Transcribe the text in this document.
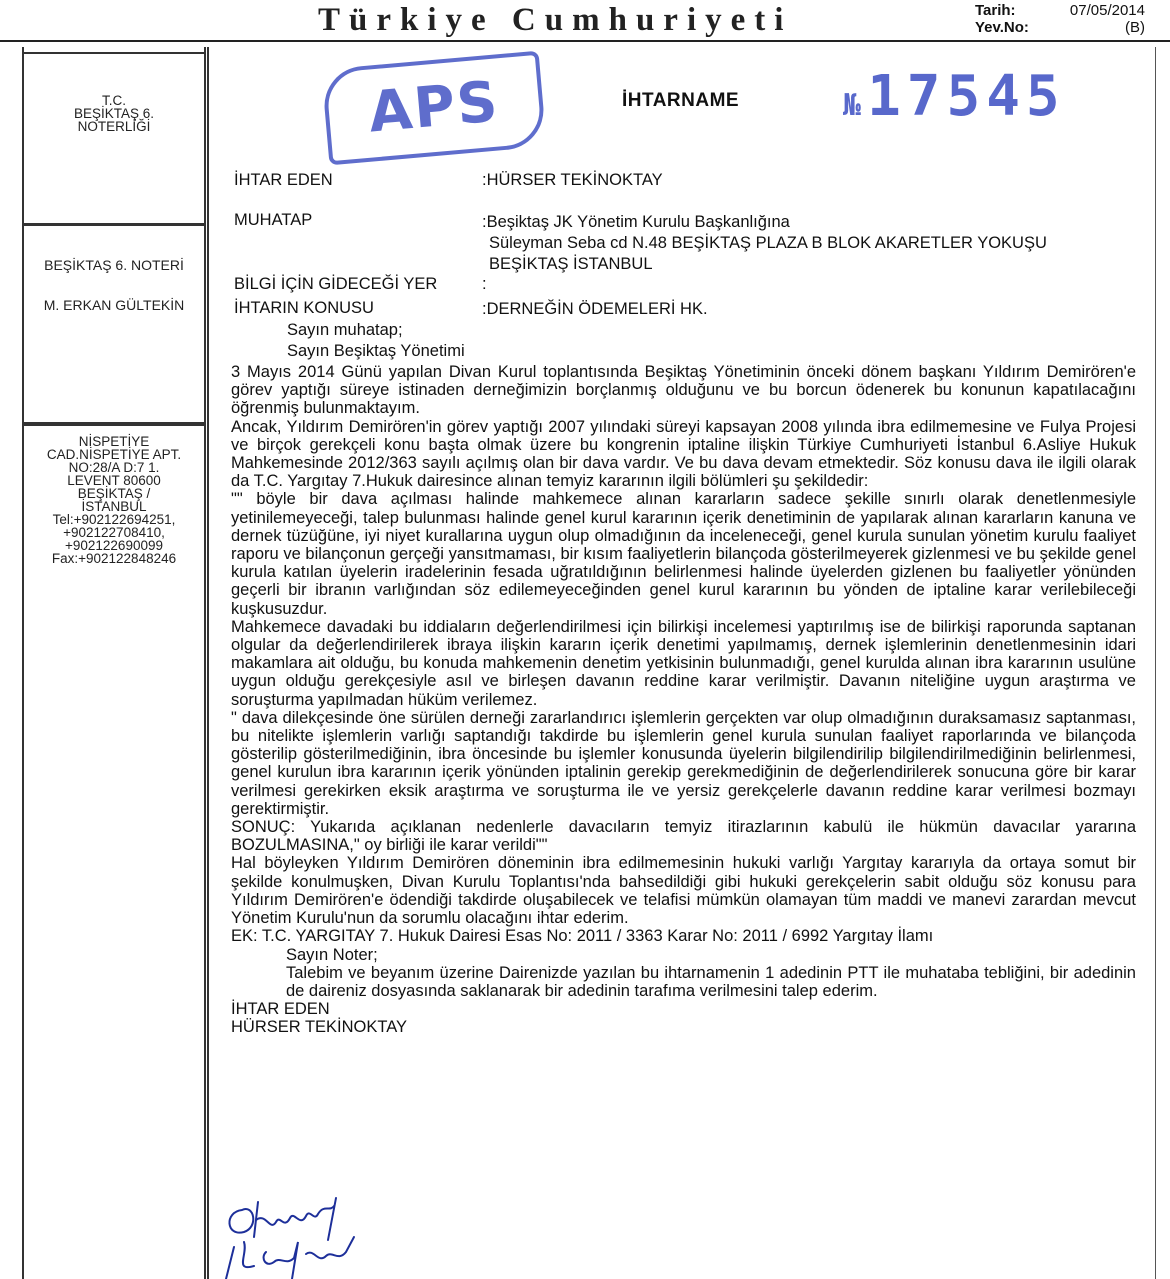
Türkiye Cumhuriyeti	Tarih:	07/05/2014
Yev.No:	(B)
T.C.
BEŞİKTAŞ 6.
NOTERLİĞİ
BEŞİKTAŞ 6. NOTERİ
M. ERKAN GÜLTEKİN
NİSPETİYE
CAD.NİSPETİYE APT.
NO:28/A D:7 1.
LEVENT 80600
BEŞİKTAŞ /
İSTANBUL
Tel:+902122694251,
+902122708410,
+902122690099
Fax:+902122848246
APS	№ 17545
İHTARNAME
İHTAR EDEN	:HÜRSER TEKİNOKTAY
MUHATAP	:Beşiktaş JK Yönetim Kurulu Başkanlığına
Süleyman Seba cd N.48 BEŞİKTAŞ PLAZA B BLOK AKARETLER YOKUŞU
BEŞİKTAŞ İSTANBUL
BİLGİ İÇİN GİDECEĞİ YER	:
İHTARIN KONUSU	:DERNEĞİN ÖDEMELERİ HK.
Sayın muhatap;
Sayın Beşiktaş Yönetimi

3 Mayıs 2014 Günü yapılan Divan Kurul toplantısında Beşiktaş Yönetiminin önceki dönem başkanı Yıldırım Demirören'e görev yaptığı süreye istinaden derneğimizin borçlanmış olduğunu ve bu borcun ödenerek bu konunun kapatılacağını öğrenmiş bulunmaktayım.

Ancak, Yıldırım Demirören'in görev yaptığı 2007 yılındaki süreyi kapsayan 2008 yılında ibra edilmemesine ve Fulya Projesi ve birçok gerekçeli konu başta olmak üzere bu kongrenin iptaline ilişkin Türkiye Cumhuriyeti İstanbul 6.Asliye Hukuk Mahkemesinde 2012/363 sayılı açılmış olan bir dava vardır. Ve bu dava devam etmektedir. Söz konusu dava ile ilgili olarak da T.C. Yargıtay 7.Hukuk dairesince alınan temyiz kararının ilgili bölümleri şu şekildedir:

"" böyle bir dava açılması halinde mahkemece alınan kararların sadece şekille sınırlı olarak denetlenmesiyle yetinilemeyeceği, talep bulunması halinde genel kurul kararının içerik denetiminin de yapılarak alınan kararların kanuna ve dernek tüzüğüne, iyi niyet kurallarına uygun olup olmadığının da inceleneceği, genel kurula sunulan yönetim kurulu faaliyet raporu ve bilançonun gerçeği yansıtmaması, bir kısım faaliyetlerin bilançoda gösterilmeyerek gizlenmesi ve bu şekilde genel kurula katılan üyelerin iradelerinin fesada uğratıldığının belirlenmesi halinde üyelerden gizlenen bu faaliyetler yönünden geçerli bir ibranın varlığından söz edilemeyeceğinden genel kurul kararının bu yönden de iptaline karar verilebileceği kuşkusuzdur.

Mahkemece davadaki bu iddiaların değerlendirilmesi için bilirkişi incelemesi yaptırılmış ise de bilirkişi raporunda saptanan olgular da değerlendirilerek ibraya ilişkin kararın içerik denetimi yapılmamış, dernek işlemlerinin denetlenmesinin idari makamlara ait olduğu, bu konuda mahkemenin denetim yetkisinin bulunmadığı, genel kurulda alınan ibra kararının usulüne uygun olduğu gerekçesiyle asıl ve birleşen davanın reddine karar verilmiştir. Davanın niteliğine uygun araştırma ve soruşturma yapılmadan hüküm verilemez.

" dava dilekçesinde öne sürülen derneği zararlandırıcı işlemlerin gerçekten var olup olmadığının duraksamasız saptanması, bu nitelikte işlemlerin varlığı saptandığı takdirde bu işlemlerin genel kurula sunulan faaliyet raporlarında ve bilançoda gösterilip gösterilmediğinin, ibra öncesinde bu işlemler konusunda üyelerin bilgilendirilip bilgilendirilmediğinin belirlenmesi, genel kurulun ibra kararının içerik yönünden iptalinin gerekip gerekmediğinin de değerlendirilerek sonucuna göre bir karar verilmesi gerekirken eksik araştırma ve soruşturma ile ve yersiz gerekçelerle davanın reddine karar verilmesi bozmayı gerektirmiştir.

SONUÇ: Yukarıda açıklanan nedenlerle davacıların temyiz itirazlarının kabulü ile hükmün davacılar yararına BOZULMASINA," oy birliği ile karar verildi""

Hal böyleyken Yıldırım Demirören döneminin ibra edilmemesinin hukuki varlığı Yargıtay kararıyla da ortaya somut bir şekilde konulmuşken, Divan Kurulu Toplantısı'nda bahsedildiği gibi hukuki gerekçelerin sabit olduğu söz konusu para Yıldırım Demirören'e ödendiği takdirde oluşabilecek ve telafisi mümkün olamayan tüm maddi ve manevi zarardan mevcut Yönetim Kurulu'nun da sorumlu olacağını ihtar ederim.

EK: T.C. YARGITAY 7. Hukuk Dairesi Esas No: 2011 / 3363 Karar No: 2011 / 6992 Yargıtay İlamı

Sayın Noter;

Talebim ve beyanım üzerine Dairenizde yazılan bu ihtarnamenin 1 adedinin PTT ile muhataba tebliğini, bir adedinin de daireniz dosyasında saklanarak bir adedinin tarafıma verilmesini talep ederim.

İHTAR EDEN

HÜRSER TEKİNOKTAY
